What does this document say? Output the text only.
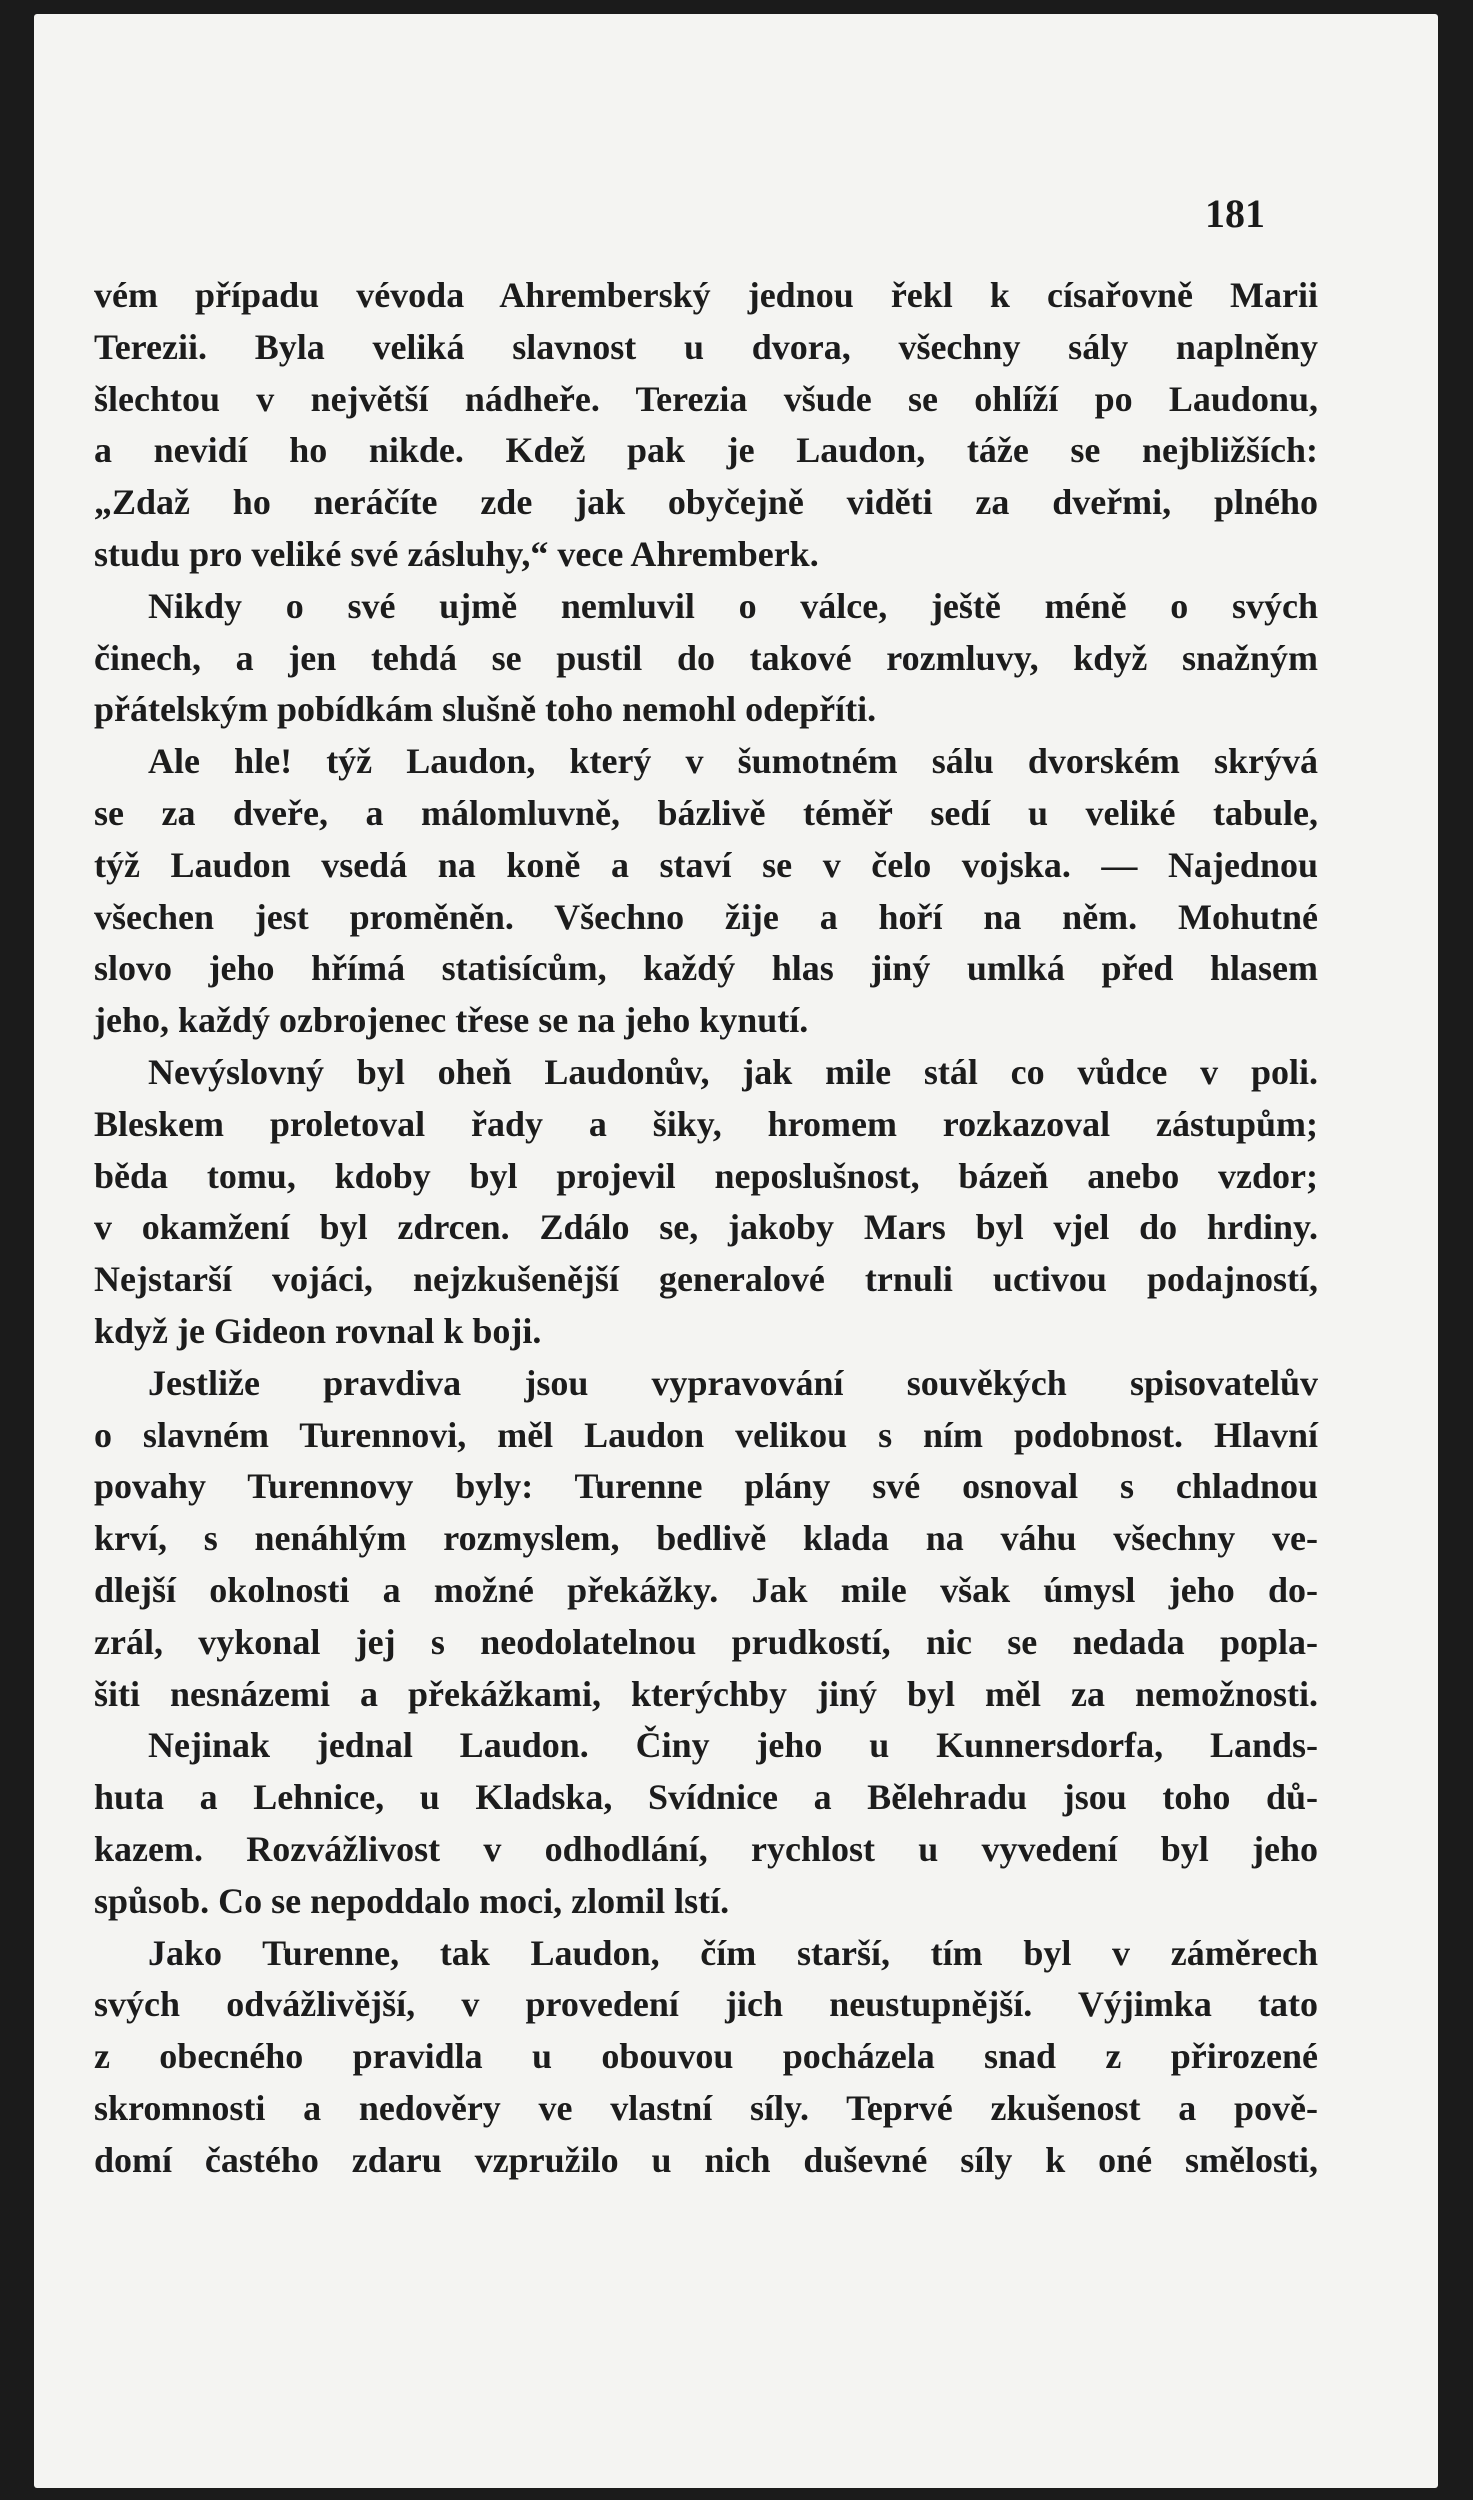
181
vém případu vévoda Ahremberský jednou řekl k císařovně Marii
Terezii. Byla veliká slavnost u dvora, všechny sály naplněny
šlechtou v největší nádheře. Terezia všude se ohlíží po Laudonu,
a nevidí ho nikde. Kdež pak je Laudon, táže se nejbližších:
„Zdaž ho neráčíte zde jak obyčejně viděti za dveřmi, plného
studu pro veliké své zásluhy,“ vece Ahremberk.
Nikdy o své ujmě nemluvil o válce, ještě méně o svých
činech, a jen tehdá se pustil do takové rozmluvy, když snažným
přátelským pobídkám slušně toho nemohl odepříti.
Ale hle! týž Laudon, který v šumotném sálu dvorském skrývá
se za dveře, a málomluvně, bázlivě téměř sedí u veliké tabule,
týž Laudon vsedá na koně a staví se v čelo vojska. — Najednou
všechen jest proměněn. Všechno žije a hoří na něm. Mohutné
slovo jeho hřímá statisícům, každý hlas jiný umlká před hlasem
jeho, každý ozbrojenec třese se na jeho kynutí.
Nevýslovný byl oheň Laudonův, jak mile stál co vůdce v poli.
Bleskem proletoval řady a šiky, hromem rozkazoval zástupům;
běda tomu, kdoby byl projevil neposlušnost, bázeň anebo vzdor;
v okamžení byl zdrcen. Zdálo se, jakoby Mars byl vjel do hrdiny.
Nejstarší vojáci, nejzkušenější generalové trnuli uctivou podajností,
když je Gideon rovnal k boji.
Jestliže pravdiva jsou vypravování souvěkých spisovatelův
o slavném Turennovi, měl Laudon velikou s ním podobnost. Hlavní
povahy Turennovy byly: Turenne plány své osnoval s chladnou
krví, s nenáhlým rozmyslem, bedlivě klada na váhu všechny ve-
dlejší okolnosti a možné překážky. Jak mile však úmysl jeho do-
zrál, vykonal jej s neodolatelnou prudkostí, nic se nedada popla-
šiti nesnázemi a překážkami, kterýchby jiný byl měl za nemožnosti.
Nejinak jednal Laudon. Činy jeho u Kunnersdorfa, Lands-
huta a Lehnice, u Kladska, Svídnice a Bělehradu jsou toho dů-
kazem. Rozvážlivost v odhodlání, rychlost u vyvedení byl jeho
spůsob. Co se nepoddalo moci, zlomil lstí.
Jako Turenne, tak Laudon, čím starší, tím byl v záměrech
svých odvážlivější, v provedení jich neustupnější. Výjimka tato
z obecného pravidla u obouvou pocházela snad z přirozené
skromnosti a nedověry ve vlastní síly. Teprvé zkušenost a pově-
domí častého zdaru vzpružilo u nich duševné síly k oné smělosti,
